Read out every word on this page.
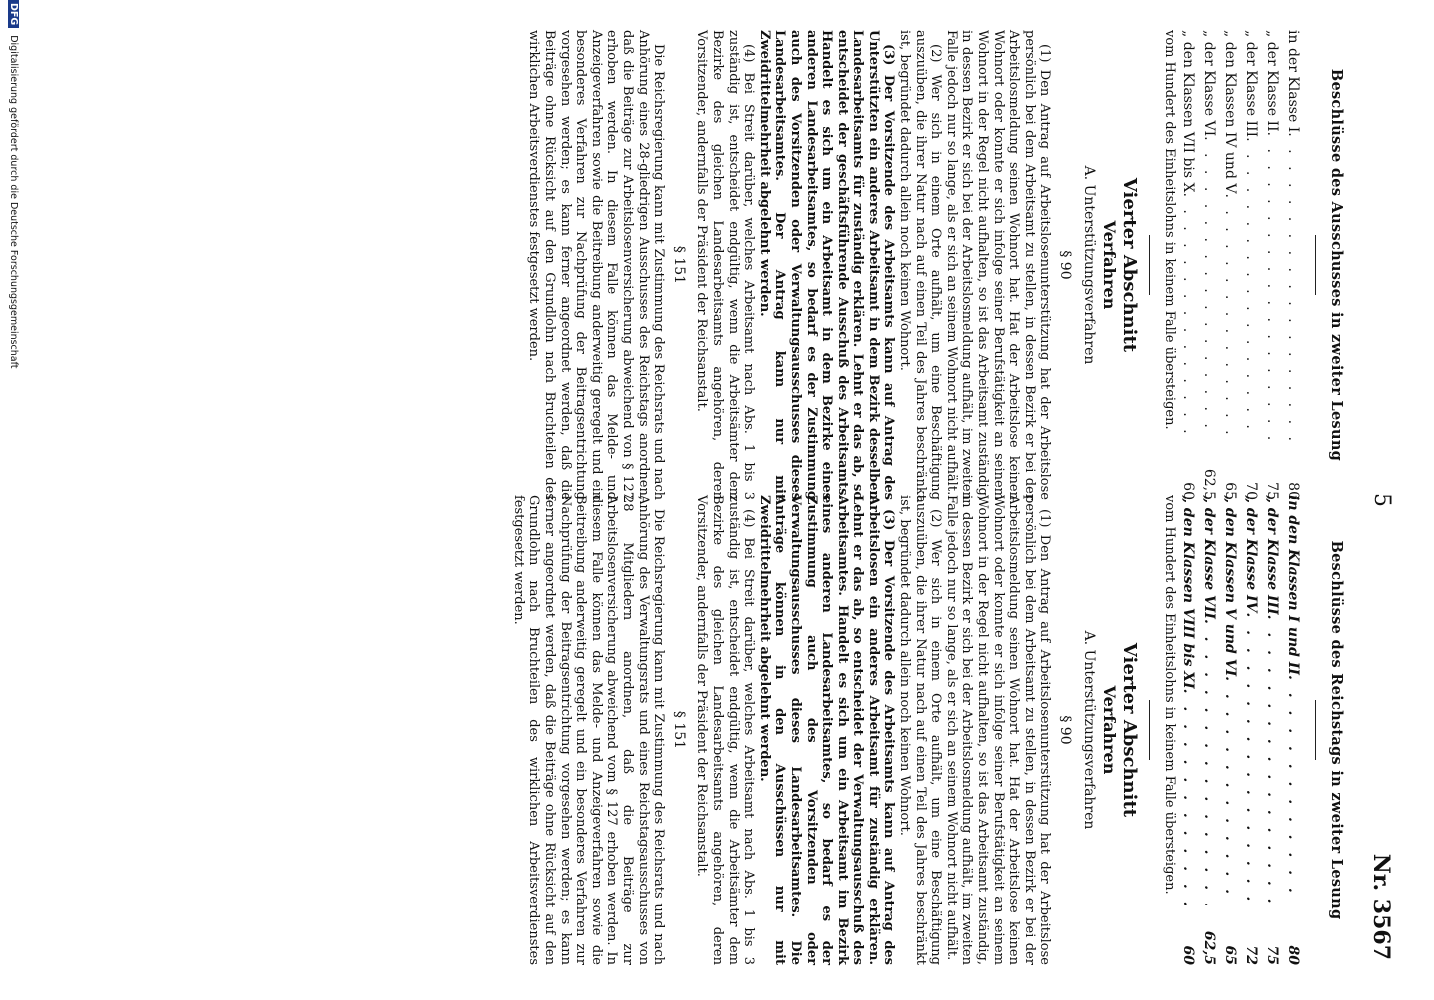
5
Nr. 3567
Beschlüsse des Ausschusses in zweiter Lesung
in der Klasse I
. . .
80
„ der Klasse II
. . .
75
„ der Klasse III
. . .
70
„ den Klassen IV und V
. . .
65
„ der Klasse VI
. . .
62,5
„ den Klassen VII bis X
. . .
60

vom Hundert des Einheitslohns in keinem Falle übersteigen.

Vierter Abschnitt
Verfahren
A. Unterstützungsverfahren
§ 90

(1) Den Antrag auf Arbeitslosenunterstützung hat der Arbeitslose persönlich bei dem Arbeitsamt zu stellen, in dessen Bezirk er bei der Arbeitslosmeldung seinen Wohnort hat. Hat der Arbeitslose keinen Wohnort oder konnte er sich infolge seiner Berufstätigkeit an seinem Wohnort in der Regel nicht aufhalten, so ist das Arbeitsamt zuständig, in dessen Bezirk er sich bei der Arbeitslosmeldung aufhält, im zweiten Falle jedoch nur so lange, als er sich an seinem Wohnort nicht aufhält.

(2) Wer sich in einem Orte aufhält, um eine Beschäftigung auszuüben, die ihrer Natur nach auf einen Teil des Jahres beschränkt ist, begründet dadurch allein noch keinen Wohnort.

(3) Der Vorsitzende des Arbeitsamts kann auf Antrag des Unterstützten ein anderes Arbeitsamt in dem Bezirk desselben Landesarbeitsamts für zuständig erklären. Lehnt er das ab, so entscheidet der geschäftsführende Ausschuß des Arbeitsamts. Handelt es sich um ein Arbeitsamt in dem Bezirke eines anderen Landesarbeitsamtes, so bedarf es der Zustimmung auch des Vorsitzenden oder Verwaltungsausschusses dieses Landesarbeitsamtes. Der Antrag kann nur mit Zweidrittelmehrheit abgelehnt werden.

(4) Bei Streit darüber, welches Arbeitsamt nach Abs. 1 bis 3 zuständig ist, entscheidet endgültig, wenn die Arbeitsämter dem Bezirke des gleichen Landesarbeitsamts angehören, deren Vorsitzender, andernfalls der Präsident der Reichsanstalt.

§ 151

Die Reichsregierung kann mit Zustimmung des Reichsrats und nach Anhörung eines 28-gliedrigen Ausschusses des Reichstags anordnen, daß die Beiträge zur Arbeitslosenversicherung abweichend von § 127 erhoben werden. In diesem Falle können das Melde- und Anzeigeverfahren sowie die Beitreibung anderweitig geregelt und ein besonderes Verfahren zur Nachprüfung der Beitragsentrichtung vorgesehen werden; es kann ferner angeordnet werden, daß die Beiträge ohne Rücksicht auf den Grundlohn nach Bruchteilen des wirklichen Arbeitsverdienstes festgesetzt werden.

Beschlüsse des Reichstags in zweiter Lesung
in den Klassen I und II
. . .
80
„ der Klasse III
. . .
75
„ der Klasse IV
. . .
72
„ den Klassen V und VI
. . .
65
„ der Klasse VII
. . .
62,5
„ den Klassen VIII bis XI
. . .
60

vom Hundert des Einheitslohns in keinem Falle übersteigen.

Vierter Abschnitt
Verfahren
A. Unterstützungsverfahren
§ 90

(1) Den Antrag auf Arbeitslosenunterstützung hat der Arbeitslose persönlich bei dem Arbeitsamt zu stellen, in dessen Bezirk er bei der Arbeitslosmeldung seinen Wohnort hat. Hat der Arbeitslose keinen Wohnort oder konnte er sich infolge seiner Berufstätigkeit an seinem Wohnort in der Regel nicht aufhalten, so ist das Arbeitsamt zuständig, in dessen Bezirk er sich bei der Arbeitslosmeldung aufhält, im zweiten Falle jedoch nur so lange, als er sich an seinem Wohnort nicht aufhält.

(2) Wer sich in einem Orte aufhält, um eine Beschäftigung auszuüben, die ihrer Natur nach auf einen Teil des Jahres beschränkt ist, begründet dadurch allein noch keinen Wohnort.

(3) Der Vorsitzende des Arbeitsamts kann auf Antrag des Arbeitslosen ein anderes Arbeitsamt für zuständig erklären. Lehnt er das ab, so entscheidet der Verwaltungsausschuß des Arbeitsamtes. Handelt es sich um ein Arbeitsamt im Bezirk eines anderen Landesarbeitsamtes, so bedarf es der Zustimmung auch des Vorsitzenden oder Verwaltungsausschusses dieses Landesarbeitsamtes. Die Anträge können in den Ausschüssen nur mit Zweidrittelmehrheit abgelehnt werden.

(4) Bei Streit darüber, welches Arbeitsamt nach Abs. 1 bis 3 zuständig ist, entscheidet endgültig, wenn die Arbeitsämter dem Bezirke des gleichen Landesarbeitsamts angehören, deren Vorsitzender, andernfalls der Präsident der Reichsanstalt.

§ 151

Die Reichsregierung kann mit Zustimmung des Reichsrats und nach Anhörung des Verwaltungsrats und eines Reichstagsausschusses von 28 Mitgliedern anordnen, daß die Beiträge zur Arbeitslosenversicherung abweichend vom § 127 erhoben werden. In diesem Falle können das Melde- und Anzeigeverfahren sowie die Beitreibung anderweitig geregelt und ein besonderes Verfahren zur Nachprüfung der Beitragsentrichtung vorgesehen werden; es kann ferner angeordnet werden, daß die Beiträge ohne Rücksicht auf den Grundlohn nach Bruchteilen des wirklichen Arbeitsverdienstes festgesetzt werden.

DFG Digitalisierung gefördert durch die Deutsche Forschungsgemeinschaft
